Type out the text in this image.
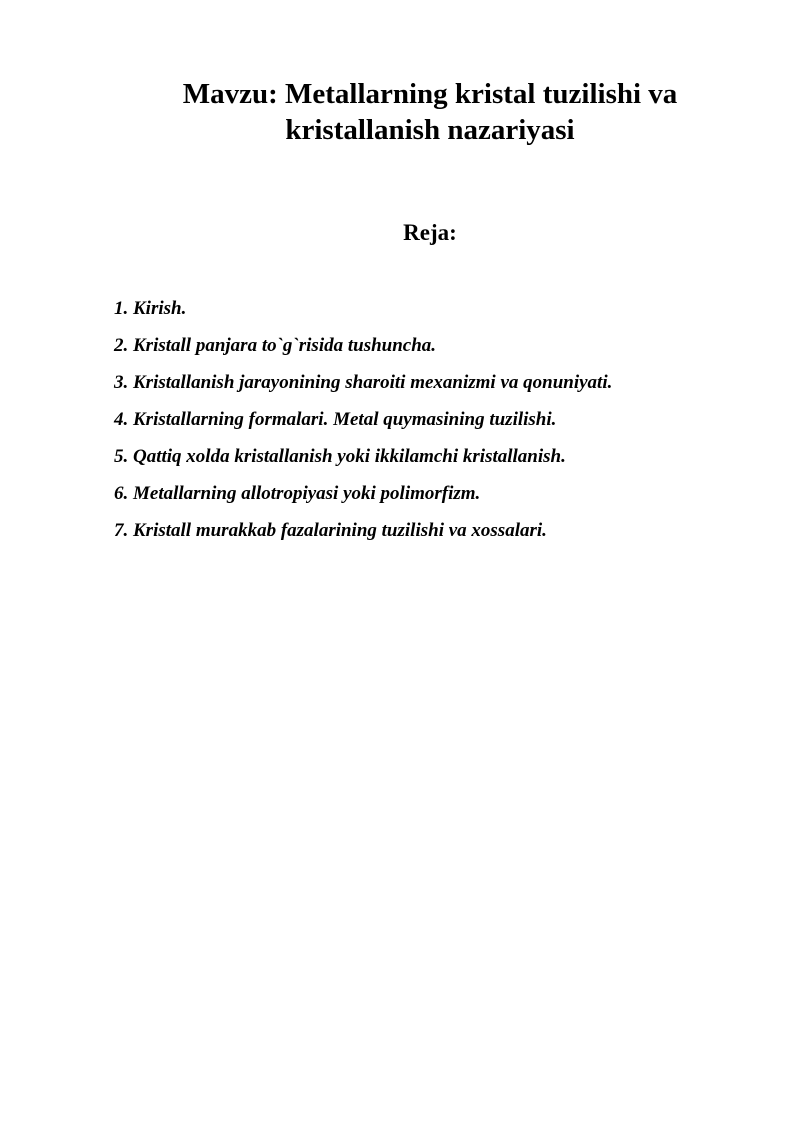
Mavzu: Metallarning kristal tuzilishi va kristallanish nazariyasi
Reja:
1. Kirish.
2. Kristall panjara to`g`risida tushuncha.
3. Kristallanish jarayonining sharoiti mexanizmi va qonuniyati.
4. Kristallarning formalari. Metal quymasining tuzilishi.
5. Qattiq xolda kristallanish yoki ikkilamchi kristallanish.
6. Metallarning allotropiyasi yoki polimorfizm.
7. Kristall murakkab fazalarining tuzilishi va xossalari.
